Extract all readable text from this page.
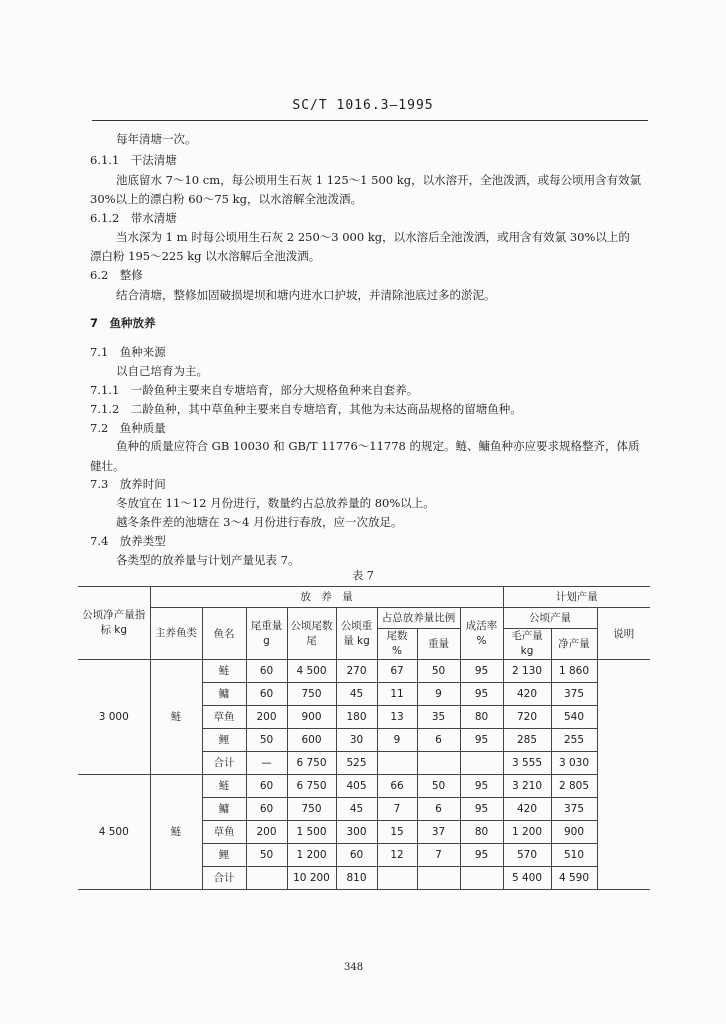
SC/T 1016.3—1995
每年清塘一次。
6.1.1　干法清塘
池底留水 7～10 cm，每公顷用生石灰 1 125～1 500 kg，以水溶开，全池泼洒，或每公顷用含有效氯
30%以上的漂白粉 60～75 kg，以水溶解全池泼洒。
6.1.2　带水清塘
当水深为 1 m 时每公顷用生石灰 2 250～3 000 kg，以水溶后全池泼洒，或用含有效氯 30%以上的
漂白粉 195～225 kg 以水溶解后全池泼洒。
6.2　整修
结合清塘，整修加固破损堤坝和塘内进水口护坡，并清除池底过多的淤泥。
7　鱼种放养
7.1　鱼种来源
以自己培育为主。
7.1.1　一龄鱼种主要来自专塘培育，部分大规格鱼种来自套养。
7.1.2　二龄鱼种，其中草鱼种主要来自专塘培育，其他为未达商品规格的留塘鱼种。
7.2　鱼种质量
鱼种的质量应符合 GB 10030 和 GB/T 11776～11778 的规定。鲢、鳙鱼种亦应要求规格整齐，体质
健壮。
7.3　放养时间
冬放宜在 11～12 月份进行，数量约占总放养量的 80%以上。
越冬条件差的池塘在 3～4 月份进行春放，应一次放足。
7.4　放养类型
各类型的放养量与计划产量见表 7。
表 7
公顷净产量指标 kg	放　养　量								计划产量		
	主养鱼类	鱼名	尾重量 g	公顷尾数 尾	公顷重量 kg	占总放养量比例		成活率 %	公顷产量		说明
						尾数
%	重量		毛产量
kg	净产量	
3 000	鲢	鲢	60	4 500	270	67	50	95	2 130	1 860	
		鳙	60	750	45	11	9	95	420	375	
		草鱼	200	900	180	13	35	80	720	540	
		鲤	50	600	30	9	6	95	285	255	
		合计	—	6 750	525				3 555	3 030	
4 500	鲢	鲢	60	6 750	405	66	50	95	3 210	2 805	
		鳙	60	750	45	7	6	95	420	375	
		草鱼	200	1 500	300	15	37	80	1 200	900	
		鲤	50	1 200	60	12	7	95	570	510	
		合计		10 200	810				5 400	4 590	
348
